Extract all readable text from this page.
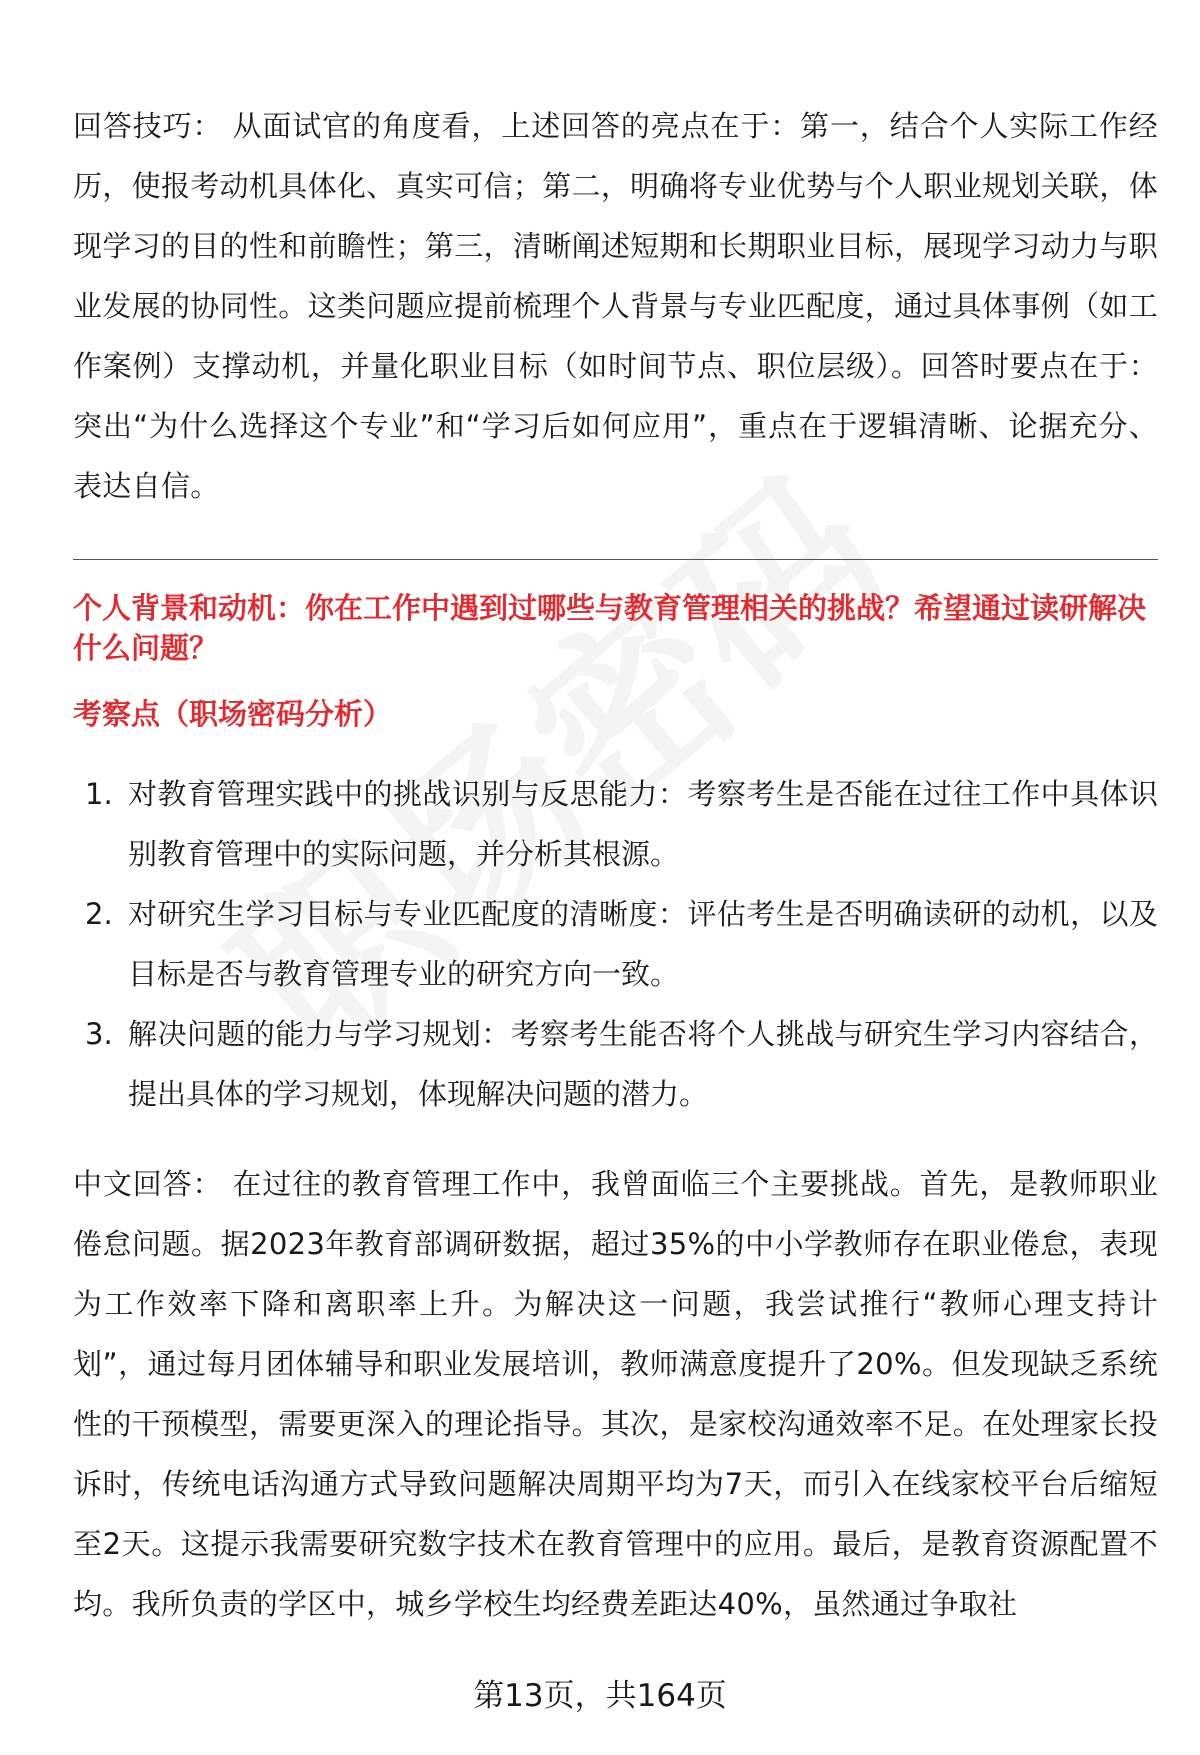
回答技巧： 从面试官的角度看，上述回答的亮点在于：第一，结合个人实际工作经历，使报考动机具体化、真实可信；第二，明确将专业优势与个人职业规划关联，体现学习的目的性和前瞻性；第三，清晰阐述短期和长期职业目标，展现学习动力与职业发展的协同性。这类问题应提前梳理个人背景与专业匹配度，通过具体事例（如工作案例）支撑动机，并量化职业目标（如时间节点、职位层级）。回答时要点在于：突出“为什么选择这个专业”和“学习后如何应用”，重点在于逻辑清晰、论据充分、表达自信。

个人背景和动机：你在工作中遇到过哪些与教育管理相关的挑战？希望通过读研解决什么问题？
考察点（职场密码分析）
1. 对教育管理实践中的挑战识别与反思能力：考察考生是否能在过往工作中具体识别教育管理中的实际问题，并分析其根源。
2. 对研究生学习目标与专业匹配度的清晰度：评估考生是否明确读研的动机，以及目标是否与教育管理专业的研究方向一致。
3. 解决问题的能力与学习规划：考察考生能否将个人挑战与研究生学习内容结合，提出具体的学习规划，体现解决问题的潜力。

中文回答： 在过往的教育管理工作中，我曾面临三个主要挑战。首先，是教师职业倦怠问题。据2023年教育部调研数据，超过35%的中小学教师存在职业倦怠，表现为工作效率下降和离职率上升。为解决这一问题，我尝试推行“教师心理支持计划”，通过每月团体辅导和职业发展培训，教师满意度提升了20%。但发现缺乏系统性的干预模型，需要更深入的理论指导。其次，是家校沟通效率不足。在处理家长投诉时，传统电话沟通方式导致问题解决周期平均为7天，而引入在线家校平台后缩短至2天。这提示我需要研究数字技术在教育管理中的应用。最后，是教育资源配置不均。我所负责的学区中，城乡学校生均经费差距达40%，虽然通过争取社

第13页，共164页
